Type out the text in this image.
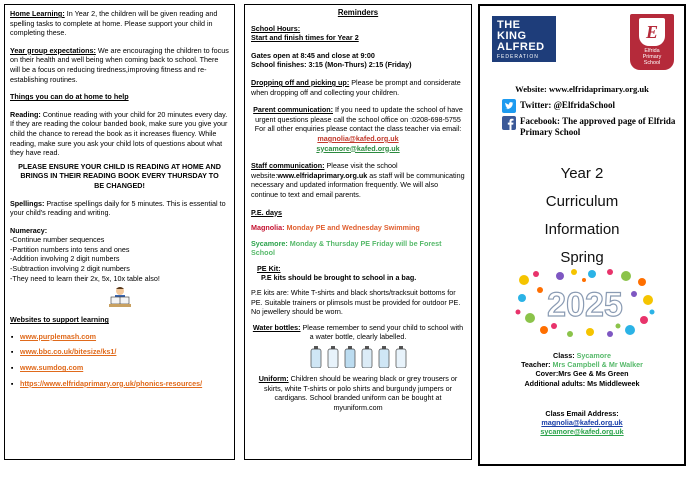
Home Learning: In Year 2, the children will be given reading and spelling tasks to complete at home. Please support your child in completing these.

Year group expectations: We are encouraging the children to focus on their health and well being when coming back to school. There will be a focus on reducing tiredness,improving fitness and re-establishing routines.

Things you can do at home to help

Reading: Continue reading with your child for 20 minutes every day. If they are reading the colour banded book, make sure you give your child the chance to reread the book as it increases fluency. While reading, make sure you ask your child lots of questions about what they have read.

PLEASE ENSURE YOUR CHILD IS READING AT HOME AND BRINGS IN THEIR READING BOOK EVERY THURSDAY TO BE CHANGED!

Spellings: Practise spellings daily for 5 minutes. This is essential to your child's reading and writing.

Numeracy:
-Continue number sequences
-Partition numbers into tens and ones
-Addition involving 2 digit numbers
-Subtraction involving 2 digit numbers
-They need to learn their 2x, 5x, 10x table also!
Websites to support learning
▪ www.purplemash.com
▪ www.bbc.co.uk/bitesize/ks1/
▪ www.sumdog.com
▪ https://www.elfridaprimary.org.uk/phonics-resources/
Reminders
School Hours:

Start and finish times for Year 2

Gates open at 8:45 and close at 9:00

School finishes: 3:15 (Mon-Thurs) 2:15 (Friday)

Dropping off and picking up: Please be prompt and considerate when dropping off and collecting your children.

Parent communication: If you need to update the school of have urgent questions please call the school office on :0208-698-5755 For all other enquiries please contact the class teacher via email:
magnolia@kafed.org.uk
sycamore@kafed.org.uk

Staff communication: Please visit the school website:www.elfridaprimary.org.uk as staff will be communicating necessary and updated information frequently. We will also continue to text and email parents.

P.E. days

Magnolia: Monday PE and Wednesday Swimming

Sycamore: Monday & Thursday PE Friday will be Forest School

PE Kit:

P.E kits should be brought to school in a bag.

P.E kits are: White T-shirts and black shorts/tracksuit bottoms for PE. Suitable trainers or plimsols must be provided for outdoor PE. No jewellery should be worn.

Water bottles: Please remember to send your child to school with a water bottle, clearly labelled.
Uniform: Children should be wearing black or grey trousers or skirts, white T-shirts or polo shirts and burgundy jumpers or cardigans. School branded uniform can be bought at myuniform.com
THE
KING
ALFRED
FEDERATION
E
Elfrida
Primary
School
Website: www.elfridaprimary.org.uk
Twitter: @ElfridaSchool
Facebook: The approved page of Elfrida Primary School
Year 2
Curriculum
Information
Spring
2025
Class: Sycamore
Teacher: Mrs Campbell & Mr Walker
Cover:Mrs Gee & Ms Green
Additional adults: Ms Middleweek
Class Email Address:
magnolia@kafed.org.uk
sycamore@kafed.org.uk
